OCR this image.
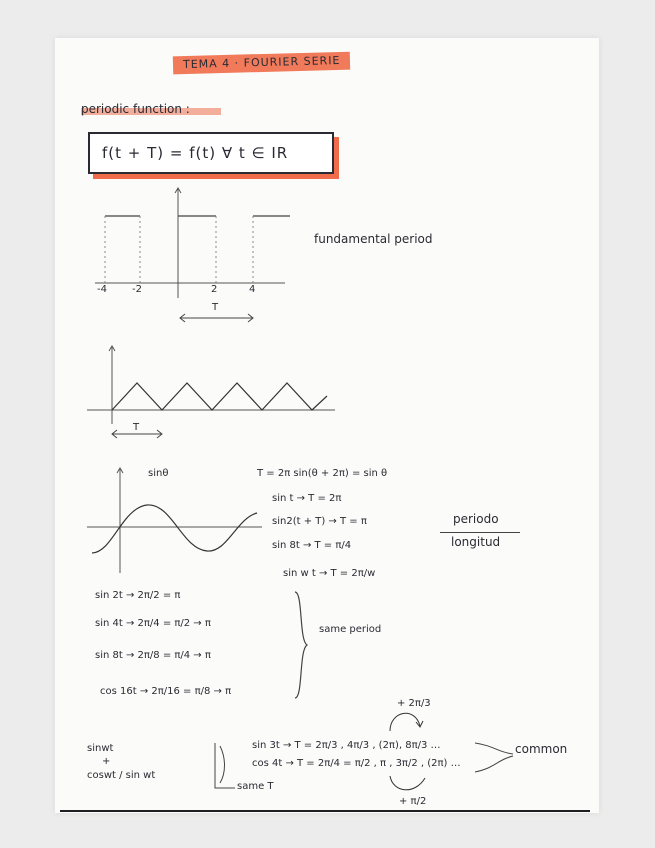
TEMA 4 · FOURIER SERIE
periodic function :
f(t + T) = f(t) ∀ t ∈ IR
-4	-2	2	4
T
fundamental period
T
sinθ	T = 2π sin(θ + 2π) = sin θ
sin t → T = 2π
sin2(t + T) → T = π
sin 8t → T = π/4
sin w t → T = 2π/w
periodo
longitud
sin 2t → 2π/2 = π
sin 4t → 2π/4 = π/2 → π
sin 8t → 2π/8 = π/4 → π
cos 16t → 2π/16 = π/8 → π
same period
+ 2π/3
sinwt
+
coswt / sin wt
same T
sin 3t → T = 2π/3 , 4π/3 , (2π), 8π/3 …
cos 4t → T = 2π/4 = π/2 , π , 3π/2 , (2π) …
+ π/2
common
